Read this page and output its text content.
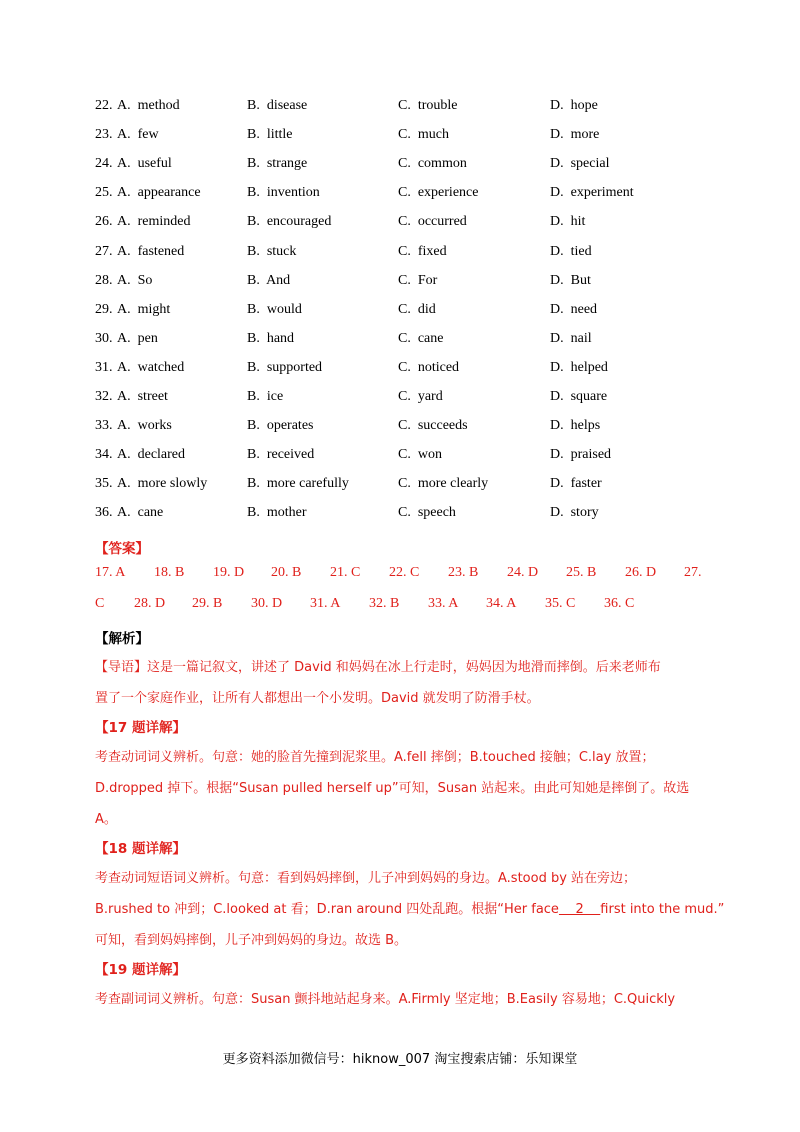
22. A.  method	B.  disease	C.  trouble	D.  hope
23. A.  few	B.  little	C.  much	D.  more
24. A.  useful	B.  strange	C.  common	D.  special
25. A.  appearance	B.  invention	C.  experience	D.  experiment
26. A.  reminded	B.  encouraged	C.  occurred	D.  hit
27. A.  fastened	B.  stuck	C.  fixed	D.  tied
28. A.  So	B.  And	C.  For	D.  But
29. A.  might	B.  would	C.  did	D.  need
30. A.  pen	B.  hand	C.  cane	D.  nail
31. A.  watched	B.  supported	C.  noticed	D.  helped
32. A.  street	B.  ice	C.  yard	D.  square
33. A.  works	B.  operates	C.  succeeds	D.  helps
34. A.  declared	B.  received	C.  won	D.  praised
35. A.  more slowly	B.  more carefully	C.  more clearly	D.  faster
36. A.  cane	B.  mother	C.  speech	D.  story
【答案】
17. A 18. B 19. D 20. B 21. C 22. C 23. B 24. D 25. B 26. D 27.
C 28. D 29. B 30. D 31. A 32. B 33. A 34. A 35. C 36. C
【解析】
【导语】这是一篇记叙文，讲述了 David 和妈妈在冰上行走时，妈妈因为地滑而摔倒。后来老师布
置了一个家庭作业，让所有人都想出一个小发明。David 就发明了防滑手杖。
【17 题详解】
考查动词词义辨析。句意：她的脸首先撞到泥浆里。A.fell 摔倒；B.touched 接触；C.lay 放置；
D.dropped 掉下。根据“Susan pulled herself up”可知，Susan 站起来。由此可知她是摔倒了。故选
A。
【18 题详解】
考查动词短语词义辨析。句意：看到妈妈摔倒，儿子冲到妈妈的身边。A.stood by 站在旁边；
B.rushed to 冲到；C.looked at 看；D.ran around 四处乱跑。根据“Her face    2    first into the mud.”
可知，看到妈妈摔倒，儿子冲到妈妈的身边。故选 B。
【19 题详解】
考查副词词义辨析。句意：Susan 颤抖地站起身来。A.Firmly 坚定地；B.Easily 容易地；C.Quickly
更多资料添加微信号：hiknow_007 淘宝搜索店铺：乐知课堂
